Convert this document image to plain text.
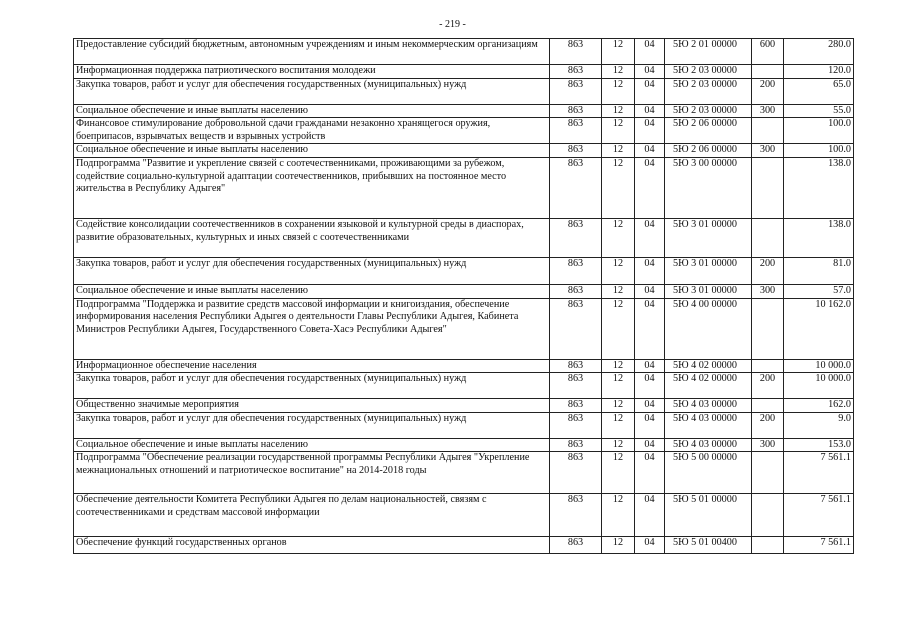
- 219 -
Предоставление субсидий бюджетным, автономным учреждениям и иным некоммерческим организациям	863	12	04	5Ю 2 01 00000	600	280.0
Информационная поддержка патриотического воспитания молодежи	863	12	04	5Ю 2 03 00000		120.0
Закупка товаров, работ и услуг для обеспечения государственных (муниципальных) нужд	863	12	04	5Ю 2 03 00000	200	65.0
Социальное обеспечение и иные выплаты населению	863	12	04	5Ю 2 03 00000	300	55.0
Финансовое стимулирование добровольной сдачи гражданами незаконно хранящегося оружия, боеприпасов, взрывчатых веществ и взрывных устройств	863	12	04	5Ю 2 06 00000		100.0
Социальное обеспечение и иные выплаты населению	863	12	04	5Ю 2 06 00000	300	100.0
Подпрограмма "Развитие и укрепление связей с соотечественниками, проживающими за рубежом, содействие социально-культурной адаптации соотечественников, прибывших на постоянное место жительства в Республику Адыгея"	863	12	04	5Ю 3 00 00000		138.0
Содействие консолидации соотечественников в сохранении языковой и культурной среды в диаспорах, развитие образовательных, культурных и иных связей с соотечественниками	863	12	04	5Ю 3 01 00000		138.0
Закупка товаров, работ и услуг для обеспечения государственных (муниципальных) нужд	863	12	04	5Ю 3 01 00000	200	81.0
Социальное обеспечение и иные выплаты населению	863	12	04	5Ю 3 01 00000	300	57.0
Подпрограмма "Поддержка и развитие средств массовой информации и книгоиздания, обеспечение информирования населения Республики Адыгея о деятельности Главы Республики Адыгея, Кабинета Министров Республики Адыгея, Государственного Совета-Хасэ Республики Адыгея"	863	12	04	5Ю 4 00 00000		10 162.0
Информационное обеспечение населения	863	12	04	5Ю 4 02 00000		10 000.0
Закупка товаров, работ и услуг для обеспечения государственных (муниципальных) нужд	863	12	04	5Ю 4 02 00000	200	10 000.0
Общественно значимые мероприятия	863	12	04	5Ю 4 03 00000		162.0
Закупка товаров, работ и услуг для обеспечения государственных (муниципальных) нужд	863	12	04	5Ю 4 03 00000	200	9.0
Социальное обеспечение и иные выплаты населению	863	12	04	5Ю 4 03 00000	300	153.0
Подпрограмма "Обеспечение реализации государственной программы Республики Адыгея "Укрепление межнациональных отношений и патриотическое воспитание" на 2014-2018 годы	863	12	04	5Ю 5 00 00000		7 561.1
Обеспечение деятельности Комитета Республики Адыгея по делам национальностей, связям с соотечественниками и средствам массовой информации	863	12	04	5Ю 5 01 00000		7 561.1
Обеспечение функций государственных органов	863	12	04	5Ю 5 01 00400		7 561.1
